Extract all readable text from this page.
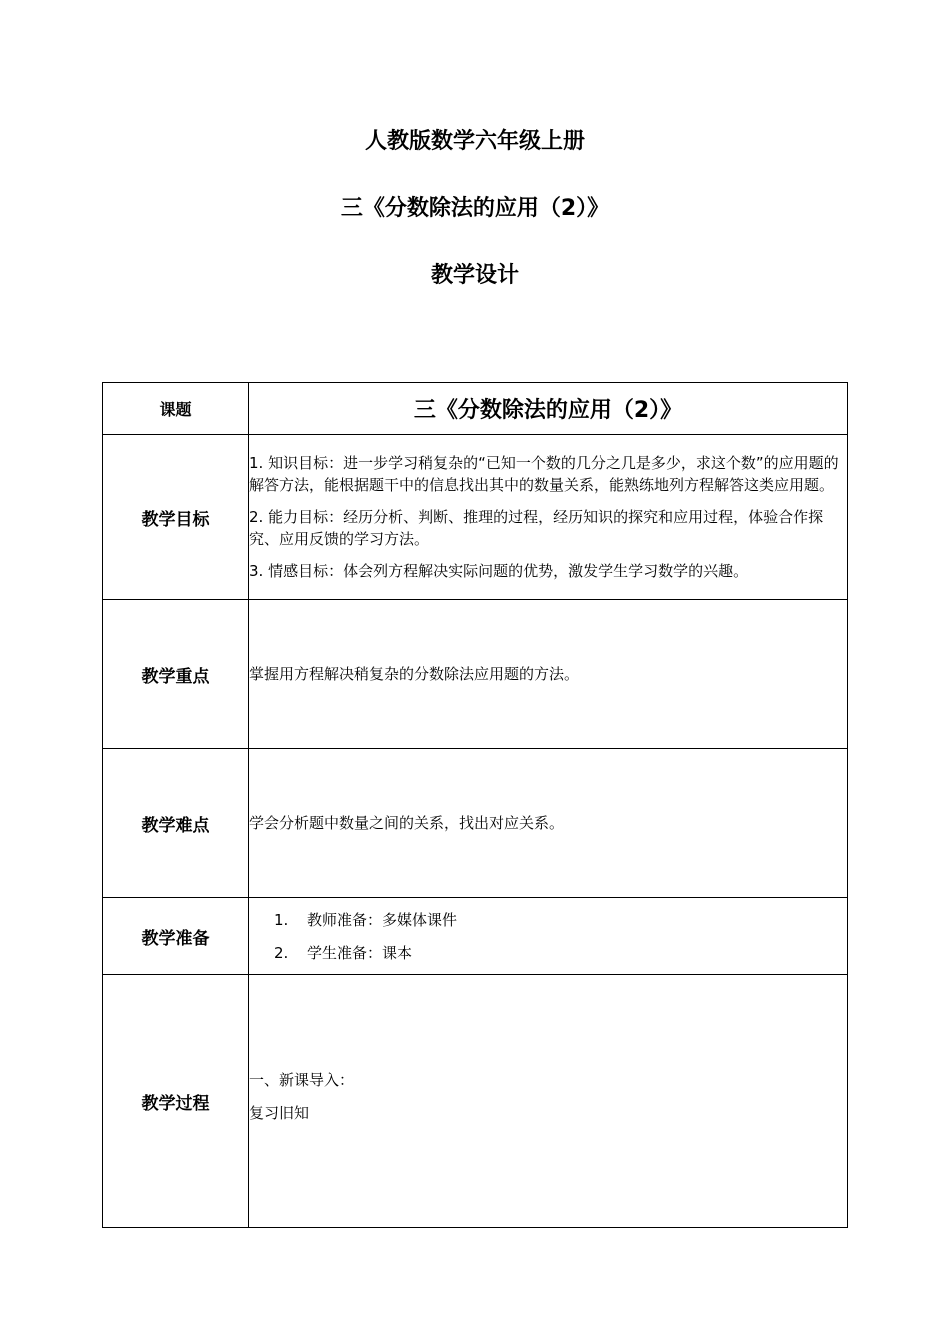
人教版数学六年级上册
三《分数除法的应用（2）》
教学设计
课题	三《分数除法的应用（2）》
教学目标	1. 知识目标：进一步学习稍复杂的“已知一个数的几分之几是多少，求这个数”的应用题的解答方法，能根据题干中的信息找出其中的数量关系，能熟练地列方程解答这类应用题。

2. 能力目标：经历分析、判断、推理的过程，经历知识的探究和应用过程，体验合作探究、应用反馈的学习方法。

3. 情感目标：体会列方程解决实际问题的优势，激发学生学习数学的兴趣。

教学重点	掌握用方程解决稍复杂的分数除法应用题的方法。
教学难点	学会分析题中数量之间的关系，找出对应关系。
教学准备	1. 教师准备：多媒体课件
2. 学生准备：课本

教学过程	一、新课导入：
复习旧知
